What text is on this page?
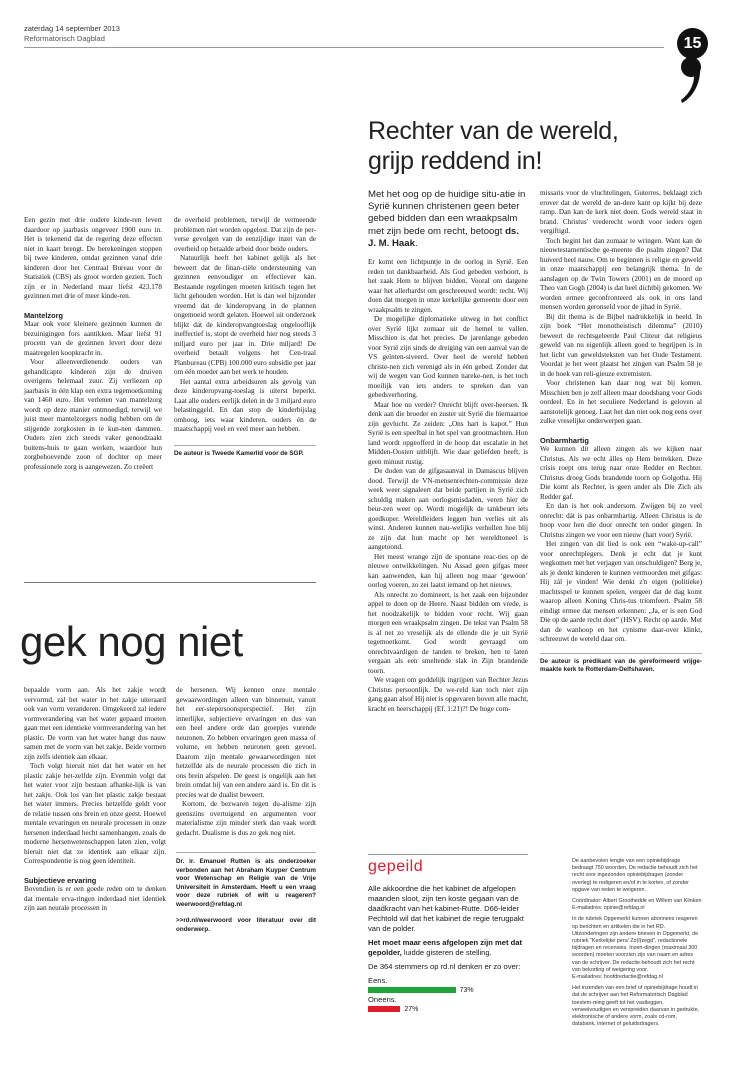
zaterdag 14 september 2013
Reformatorisch Dagblad	15

Een gezin met drie oudere kinde-ren levert daardoor op jaarbasis ongeveer 1900 euro in. Het is tekenend dat de regering deze effecten niet in kaart brengt. De berekeningen stoppen bij twee kinderen, omdat gezinnen vanaf drie kinderen door het Centraal Bureau voor de Statistiek (CBS) als groot worden gezien. Toch zijn er in Nederland maar liefst 423.178 gezinnen met drie of meer kinde-ren.

Mantelzorg

Maar ook voor kleinere gezinnen kunnen de bezuinigingen fors aantikken. Maar liefst 91 procent van de gezinnen levert door deze maatregelen koopkracht in.

Voor alleenverdienende ouders van gehandicapte kinderen zijn de druiven overigens helemaal zuur. Zij verliezen op jaarbasis in één klap een extra tegemoetkoming van 1460 euro. Het verlenen van mantelzorg wordt op deze manier ontmoedigd, terwijl we juist meer mantelzorgers nodig hebben om de stijgende zorgkosten in te kun-nen dammen. Ouders zien zich steeds vaker genoodzaakt buitens-huis te gaan werken, waardoor hun zorgbehoevende zoon of dochter op meer professionele zorg is aangewezen. Zo creëert

de overheid problemen, terwijl de vermeende problemen niet worden opgelost. Dat zijn de per-verse gevolgen van de eenzijdige inzet van de overheid op betaalde arbeid door beide ouders.

Natuurlijk heeft het kabinet gelijk als het beweert dat de finan-ciële ondersteuning van gezinnen eenvoudiger en effectiever kan. Bestaande regelingen moeten kritisch tegen het licht gehouden worden. Het is dan wel bijzonder vreemd dat de kinderopvang in de plannen ongemoeid wordt gelaten. Hoewel uit onderzoek blijkt dat de kinderopvangtoeslag ongelooflijk ineffectief is, stopt de overheid hier nog steeds 3 miljard euro per jaar in. Drie miljard! De overheid betaalt volgens het Cen-traal Planbureau (CPB) 100.000 euro subsidie per jaar om één moeder aan het werk te houden.

Het aantal extra arbeidsuren als gevolg van deze kinderopvang-toeslag is uiterst beperkt. Laat alle ouders eerlijk delen in de 3 miljard euro belastinggeld. En dan stop de kinderbijslag omhoog, iets waar kinderen, ouders én de maatschappij veel en veel meer aan hebben.

De auteur is Tweede Kamerlid voor de SGP.

gek nog niet

bepaalde vorm aan. Als het zakje wordt vervormd, zal het water in het zakje uiteraard ook van vorm veranderen. Omgekeerd zal iedere vormverandering van het water gepaard moeten gaan met een identieke vormverandering van het plastic. De vorm van het water hangt dus nauw samen met de vorm van het zakje. Beide vormen zijn zelfs identiek aan elkaar.

Toch volgt hieruit niet dat het water en het plastic zakje het-zelfde zijn. Evenmin volgt dat het water voor zijn bestaan afhanke-lijk is van het zakje. Ook los van het plastic zakje bestaat het water immers. Precies hetzelfde geldt voor de relatie tussen ons brein en onze geest. Hoewel mentale ervaringen en neurale processen in onze hersenen inderdaad hecht samenhangen, zoals de moderne hersenwetenschappen laten zien, volgt hieruit niet dat ze identiek aan elkaar zijn. Correspondentie is nog geen identiteit.

Subjectieve ervaring

Bovendien is er een goede reden om te denken dat mentale erva-ringen inderdaad niet identiek zijn aan neurale processen in

de hersenen. Wij kennen onze mentale gewaarwordingen alleen van binnenuit, vanuit het eer-stepersoonsperspectief. Het zijn innerlijke, subjectieve ervaringen en dus van een heel andere orde dan groepjes vurende neuronen. Zo hebben ervaringen geen massa of volume, en hebben neuronen geen gevoel. Daarom zijn mentale gewaarwordingen niet hetzelfde als de neurale processen die zich in ons brein afspelen. De geest is ongelijk aan het brein omdat hij van een andere aard is. En dit is precies wat de dualist beweert.

Kortom, de bezwaren tegen du-alisme zijn geenszins overtuigend en argumenten voor materialisme zijn minder sterk dan vaak wordt gedacht. Dualisme is dus zo gek nog niet.

Dr. ir. Emanuel Rutten is als onderzoeker verbonden aan het Abraham Kuyper Centrum voor Wetenschap en Religie van de Vrije Universiteit in Amsterdam. Heeft u een vraag voor deze rubriek of wilt u reageren? weerwoord@refdag.nl

>>rd.nl/weerwoord voor literatuur over dit onderwerp.

Rechter van de wereld,
grijp reddend in!
Met het oog op de huidige situ-atie in Syrië kunnen christenen geen beter gebed bidden dan een wraakpsalm met zijn bede om recht, betoogt ds. J. M. Haak.

Er komt een lichtpuntje in de oorlog in Syrië. Een reden tot dankbaarheid. Als God gebeden verhoort, is het zaak Hem te blijven bidden. Vooral om datgene waar het allerhardst om geschreeuwd wordt: recht. Wij doen dat morgen in onze kerkelijke gemeente door een wraakpsalm te zingen.

De mogelijke diplomatieke uitweg in het conflict over Syrië lijkt zomaar uit de hemel te vallen. Misschien is dat het precies. De jarenlange gebeden voor Syrië zijn sinds de dreiging van een aanval van de VS geïnten-siveerd. Over heel de wereld hebben christe-nen zich verenigd als in één gebed. Zonder dat wij de wegen van God kunnen nareke-nen, is het toch moeilijk van iets anders te spreken dan van gebedsverhoring.

Maar hoe nu verder? Onrecht blijft over-heersen. Ik denk aan die broeder en zuster uit Syrië die hiernaartoe zijn gevlucht. Ze zeiden: „Ons hart is kapot.” Hun Syrië is een speelbal in het spel van grootmachten. Hun land wordt opgeofferd in de hoop dat escalatie in het Midden-Oosten uitblijft. Wie daar geliefden heeft, is geen minuut rustig.

De doden van de gifgasaanval in Damascus blijven dood. Terwijl de VN-mensenrechten-commissie deze week weer signaleert dat beide partijen in Syrië zich schuldig maken aan oorlogsmisdaden, veren hier de beur-zen weer op. Wordt mogelijk de tankbeurt iets goedkoper. Wereldleiders leggen hun verlies uit als winst. Anderen kunnen nau-welijks verhullen hoe blij ze zijn dat hun macht op het wereldtoneel is aangetoond.

Het meest wrange zijn de spontane reac-ties op de nieuwe ontwikkelingen. Nu Assad geen gifgas meer kan aanwenden, kan hij alleen nog maar ‘gewoon’ oorlog voeren, zo zei laatst iemand op het nieuws.

Als onrecht zo domineert, is het zaak een bijzonder appel te doen op de Heere. Naast bidden om vrede, is het noodzakelijk te bidden voor recht. Wij gaan morgen een wraakpsalm zingen. De tekst van Psalm 58 is al net zo vreselijk als de ellende die je uit Syrië tegemoetkomt. God wordt gevraagd om onrechtvaardigen de tanden te breken, hen te laten vergaan als een smeltende slak in Zijn brandende toorn.

We vragen om goddelijk ingrijpen van Rechter Jezus Christus persoonlijk. De we-reld kan toch niet zijn gang gaan alsof Hij niet is opgevaren boven alle macht, kracht en heerschappij (Ef. 1:21)?! De hoge com-

missaris voor de vluchtelingen, Guterres, beklaagt zich erover dat de wereld de an-dere kant op kijkt bij deze ramp. Dan kan de kerk niet doen. Gods wereld staat in brand. Christus' vrederecht wordt voor ieders ogen vergiftigd.

Toch begint het dan zomaar te wringen. Want kan de nieuwtestamentische ge-meente die psalm zingen? Dat huiverd heel nauw. Om te beginnen is religie en geweld in onze maatschappij een belangrijk thema. In de aanslagen op de Twin Towers (2001) en de moord op Theo van Gogh (2004) is dat heel dichtbij gekomen. We worden ermee geconfronteerd als ook in ons land mensen worden geronseld voor de jihad in Syrië.

Bij dit thema is de Bijbel nadrukkelijk in beeld. In zijn boek “Het monotheistisch dilemma” (2010) beweert de rechtsgeleerde Paul Cliteur dat religieus geweld van nu eigenlijk alleen goed te begrijpen is in het licht van geweldsteksten van het Oude Testament. Voordat je het weet plaatst het zingen van Psalm 58 je in de hoek van reli-gieuze extremisten.

Voor christenen kan daar nog wat bij komen. Misschien ben je zelf alleen maar doodsbang voor Gods oordeel. En in het seculiere Nederland is geloven al aanstotelijk genoeg. Laat het dan niet ook nog eens over zulke vreselijke onderwerpen gaan.

Onbarmhartig

We kunnen dit alleen zingen als we kijken naar Christus. Als we echt álles op Hem betrekken. Deze crisis roept ons terug naar onze Redder en Rechter. Christus droeg Gods brandende toorn op Golgotha. Hij Die komt als Rechter, is geen ander als Die Zich als Redder gaf.

En dan is het ook andersom. Zwijgen bij zo veel onrecht: dát is pas onbarmhartig. Alleen Christus is de hoop voor hen die door onrecht ten onder gingen. In Christus zingen we voor een nieuw (hart voor) Syrië.

Het zingen van dit lied is ook een “wake-up-call” voor onrechtplegers. Denk je echt dat je kunt wegkomen met het verjagen van onschuldigen? Berg je, als je denkt kinderen te kunnen vermoorden met gifgas: Hij zál je vinden! Wie denkt z'n eigen (politieke) machtsspel te kunnen spelen, vergeet dat de dag komt waarop alleen Koning Chris-tus triomfeert. Psalm 58 eindigt ermee dat mensen erkennen: „Ja, er is een God Die op de aarde recht doet” (HSV). Recht op aarde. Met dan de wanhoop en het cynisme daar-over klinkt, schreeuwt de wereld daar om.

De auteur is predikant van de gereformeerd vrijge-maakte kerk te Rotterdam-Delfshaven.

gepeild

Alle akkoordne die het kabinet de afgelopen maanden sloot, zijn ten koste gegaan van de daadkracht van het kabinet-Rutte. D66-leider Pechtold wil dat het kabinet de regie terugpakt van de polder.

Het moet maar eens afgelopen zijn met dat gepolder, luidde gisteren de stelling.

De 364 stemmers op rd.nl denken er zo over:

Eens.
73%
Oneens.
27%

De aanbevolen lengte van een opiniebijdrage bedraagt 750 woorden. De redactie behoudt zich het recht voor ingezonden opiniebijdragen (zonder overleg) te redigeren en/of in te korten, of zonder opgave van reden te weigeren.

Coördinator: Albert Groothedde en Willem van Klinken

E-mailadres: opinie@refdag.nl

In de rubriek Opgemerkt kunnen abonnees reageren op berichten en artikelen die in het RD. Uitzonderingen zijn andere brieven in Opgemerkt, de rubriek "Kerkelijke pers/ Zo(l)zegd", redactionele bijdragen en recensies. Inzen-dingen (maximaal 300 woorden) moeten voorzien zijn van naam en adres van de schrijver. De redactie behoudt zich het recht van bekorting of weigering voor.

E-mailadres: hoofdredactie@refdag.nl

Het inzenden van een brief of opiniebijdrage houdt in dat de schrijver aan het Reformatorisch Dagblad toestem-ming geeft tot het vastleggen, verveelvoudigen en verspreiden daarvan in gedrukte, elektronische of andere vorm, zoals cd-rom, databank, internet of geluidsdragers.
